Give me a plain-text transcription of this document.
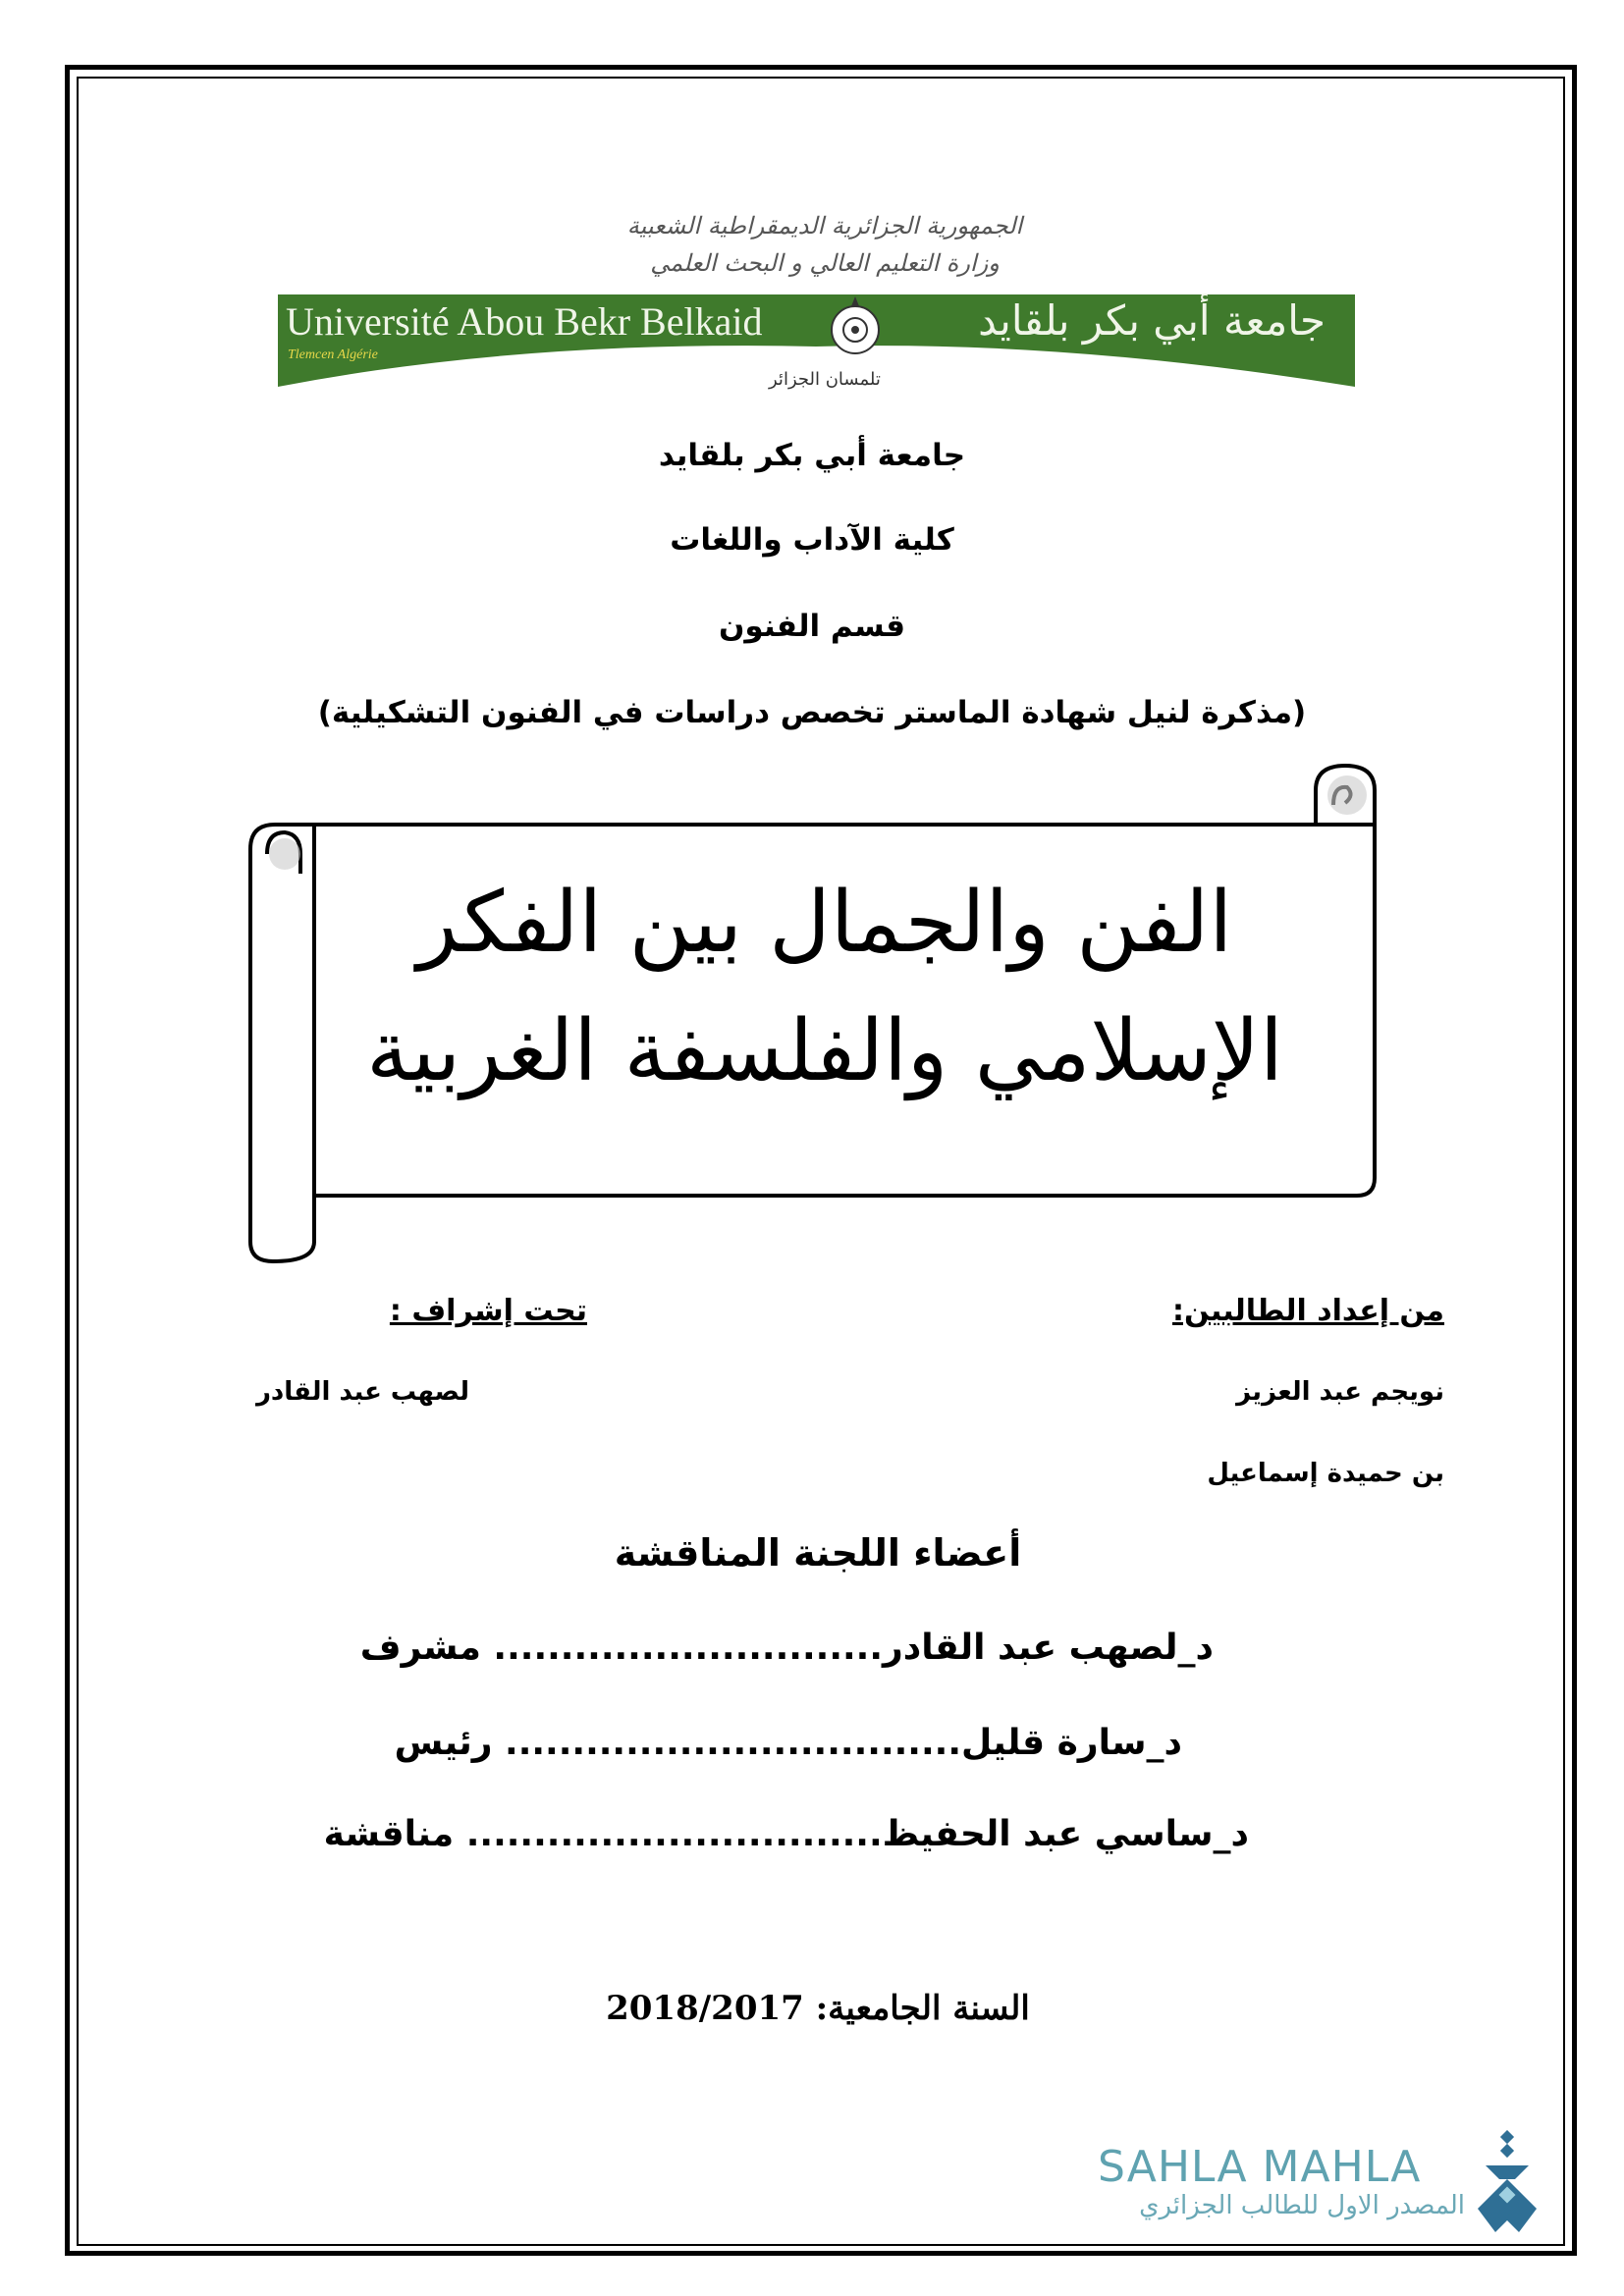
الجمهورية الجزائرية الديمقراطية الشعبية
وزارة التعليم العالي و البحث العلمي
Université Abou Bekr Belkaid
Tlemcen Algérie
جامعة أبي بكر بلقايد
تلمسان الجزائر
جامعة أبي بكر بلقايد
كلية الآداب واللغات
قسم الفنون
(مذكرة لنيل شهادة الماستر تخصص دراسات في الفنون التشكيلية)
الفن والجمال بين الفكر
الإسلامي والفلسفة الغربية
من إعداد الطالبين:
نويجم عبد العزيز
بن حميدة إسماعيل
تحت إشراف :
لصهب عبد القادر
أعضاء اللجنة المناقشة
د_لصهب عبد القادر............................. مشرف
د_سارة قليل.................................. رئيس
د_ساسي عبد الحفيظ............................... مناقشة
السنة الجامعية: 2018/2017
SAHLA MAHLA
المصدر الاول للطالب الجزائري
